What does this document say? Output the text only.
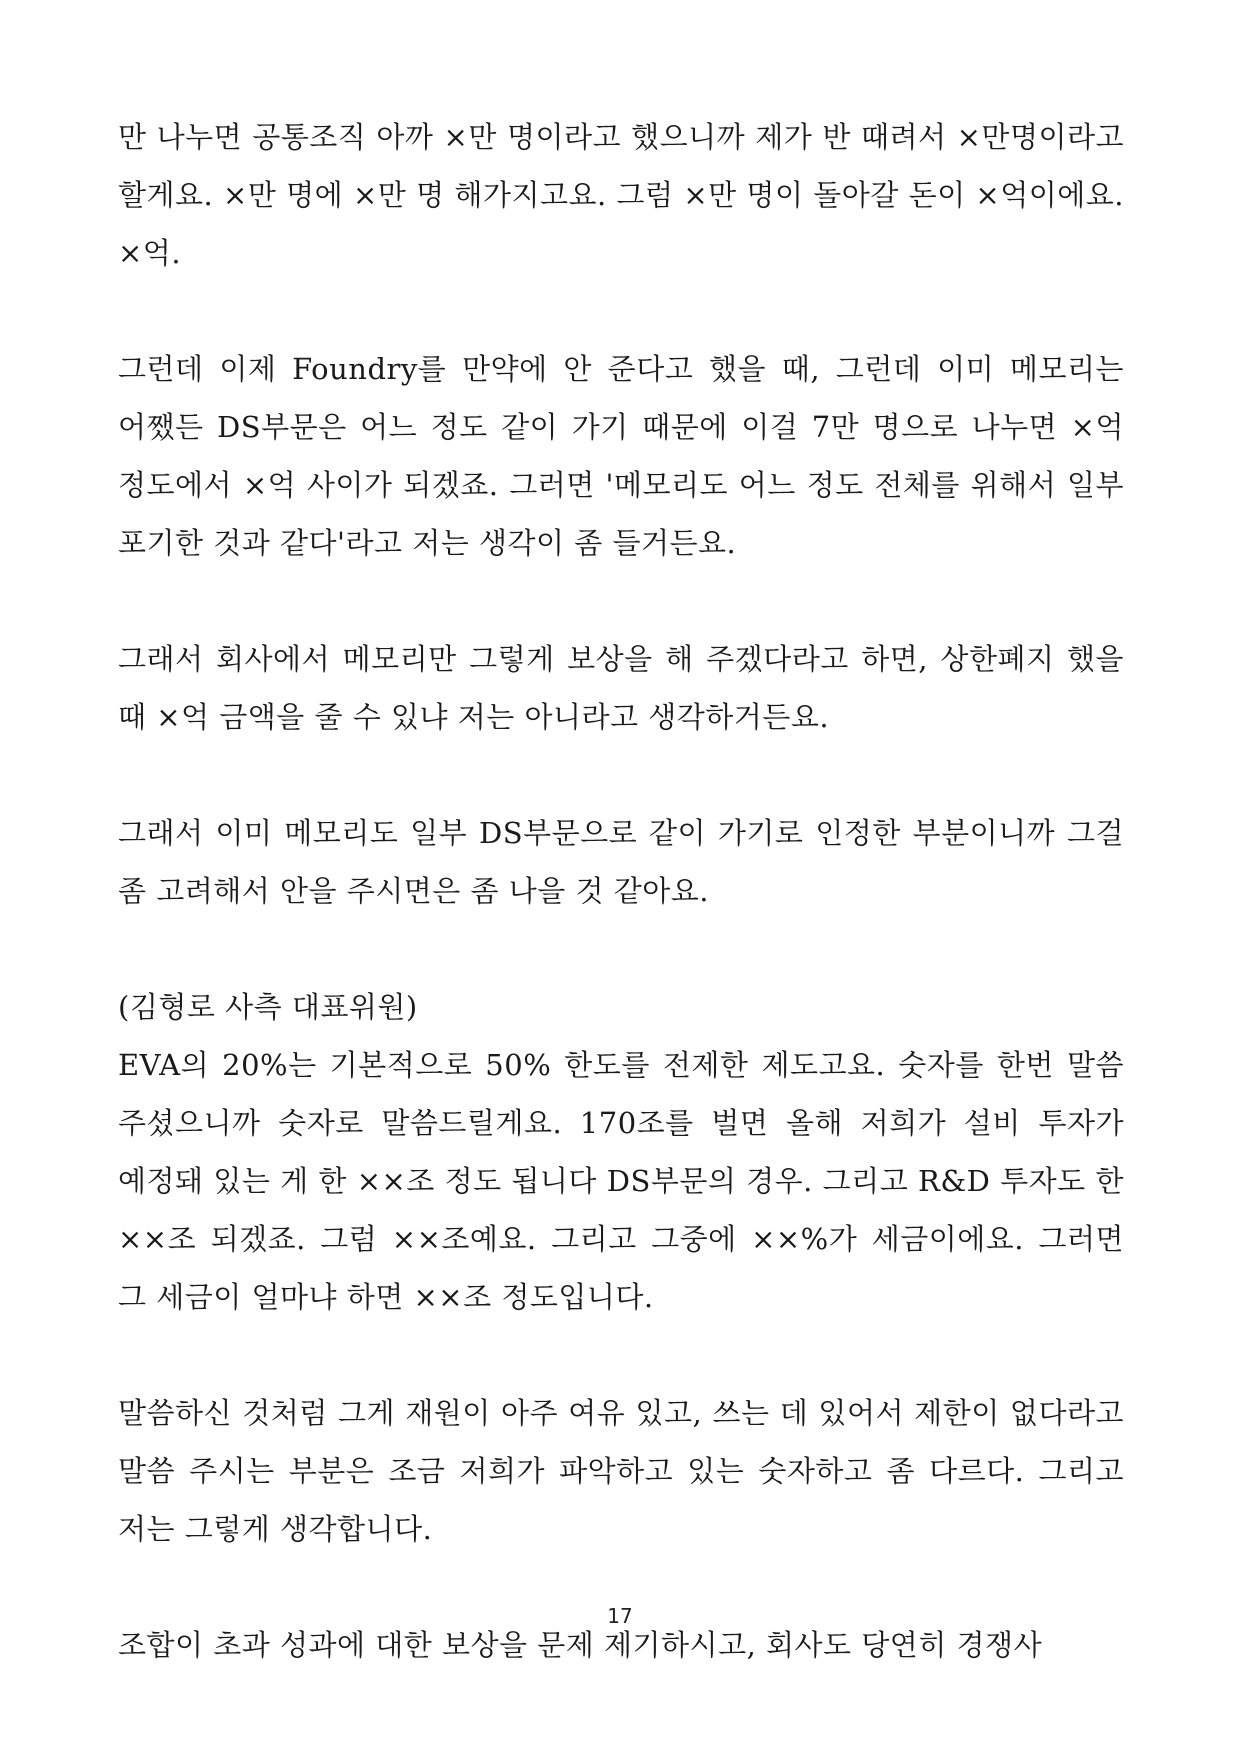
만 나누면 공통조직 아까 ×만 명이라고 했으니까 제가 반 때려서 ×만명이라고 할게요. ×만 명에 ×만 명 해가지고요. 그럼 ×만 명이 돌아갈 돈이 ×억이에요. ×억.

그런데 이제 Foundry를 만약에 안 준다고 했을 때, 그런데 이미 메모리는 어쨌든 DS부문은 어느 정도 같이 가기 때문에 이걸 7만 명으로 나누면 ×억 정도에서 ×억 사이가 되겠죠. 그러면 '메모리도 어느 정도 전체를 위해서 일부 포기한 것과 같다'라고 저는 생각이 좀 들거든요.

그래서 회사에서 메모리만 그렇게 보상을 해 주겠다라고 하면, 상한폐지 했을 때 ×억 금액을 줄 수 있냐 저는 아니라고 생각하거든요.

그래서 이미 메모리도 일부 DS부문으로 같이 가기로 인정한 부분이니까 그걸 좀 고려해서 안을 주시면은 좀 나을 것 같아요.

(김형로 사측 대표위원)

EVA의 20%는 기본적으로 50% 한도를 전제한 제도고요. 숫자를 한번 말씀 주셨으니까 숫자로 말씀드릴게요. 170조를 벌면 올해 저희가 설비 투자가 예정돼 있는 게 한 ××조 정도 됩니다 DS부문의 경우. 그리고 R&D 투자도 한 ××조 되겠죠. 그럼 ××조예요. 그리고 그중에 ××%가 세금이에요. 그러면 그 세금이 얼마냐 하면 ××조 정도입니다.

말씀하신 것처럼 그게 재원이 아주 여유 있고, 쓰는 데 있어서 제한이 없다라고 말씀 주시는 부분은 조금 저희가 파악하고 있는 숫자하고 좀 다르다. 그리고 저는 그렇게 생각합니다.

조합이 초과 성과에 대한 보상을 문제 제기하시고, 회사도 당연히 경쟁사

17
